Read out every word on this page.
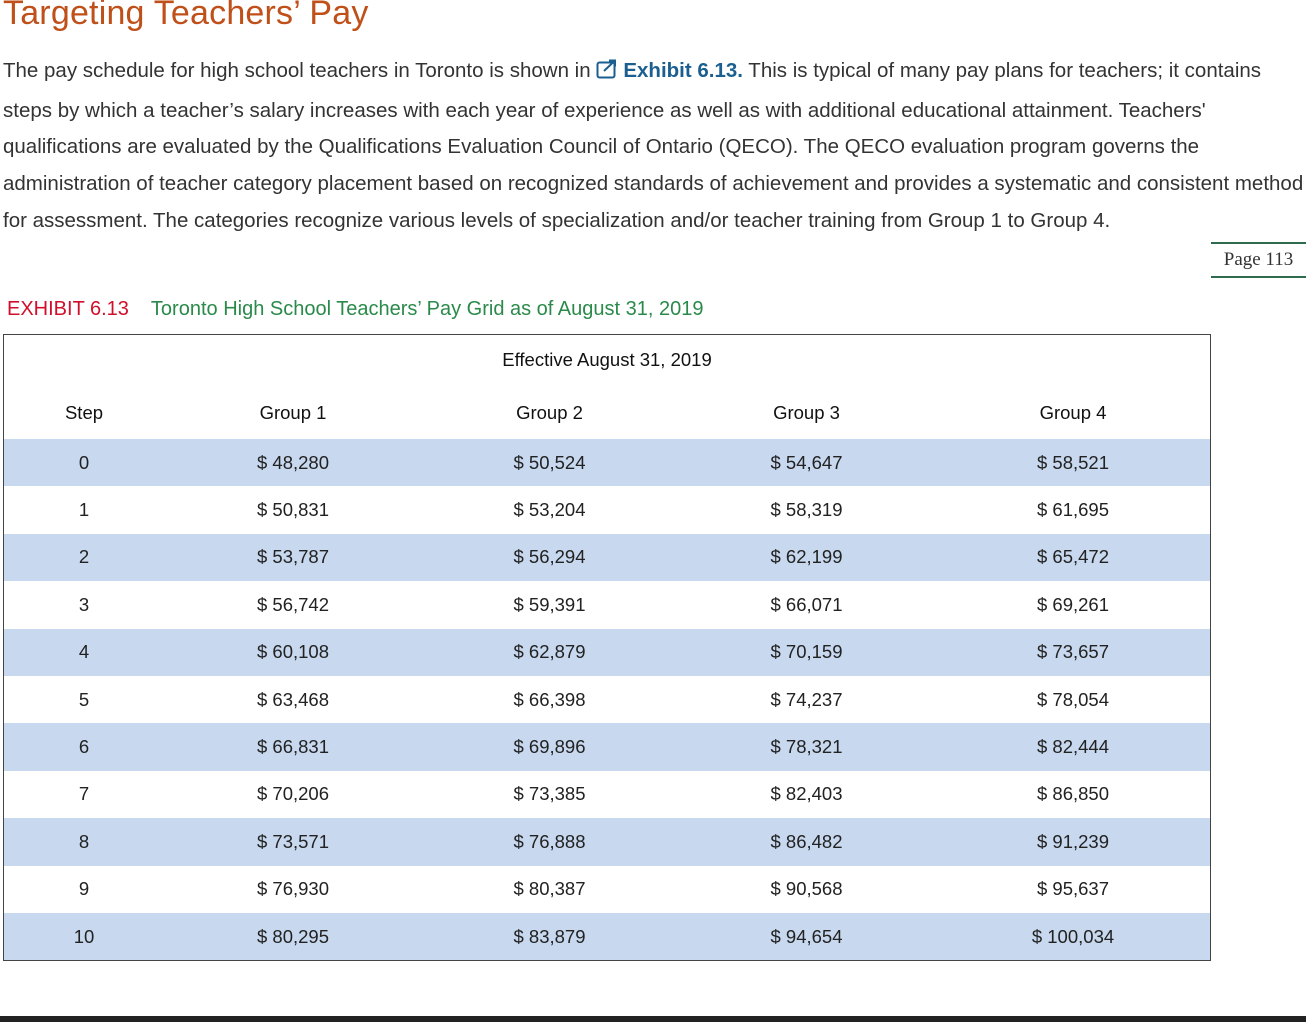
Targeting Teachers’ Pay

The pay schedule for high school teachers in Toronto is shown in Exhibit 6.13. This is typical of many pay plans for teachers; it contains steps by which a teacher’s salary increases with each year of experience as well as with additional educational attainment. Teachers' qualifications are evaluated by the Qualifications Evaluation Council of Ontario (QECO). The QECO evaluation program governs the administration of teacher category placement based on recognized standards of achievement and provides a systematic and consistent method for assessment. The categories recognize various levels of specialization and/or teacher training from Group 1 to Group 4.

Page 113
EXHIBIT 6.13 Toronto High School Teachers’ Pay Grid as of August 31, 2019
Effective August 31, 2019
Step	Group 1	Group 2	Group 3	Group 4
0	$ 48,280	$ 50,524	$ 54,647	$ 58,521
1	$ 50,831	$ 53,204	$ 58,319	$ 61,695
2	$ 53,787	$ 56,294	$ 62,199	$ 65,472
3	$ 56,742	$ 59,391	$ 66,071	$ 69,261
4	$ 60,108	$ 62,879	$ 70,159	$ 73,657
5	$ 63,468	$ 66,398	$ 74,237	$ 78,054
6	$ 66,831	$ 69,896	$ 78,321	$ 82,444
7	$ 70,206	$ 73,385	$ 82,403	$ 86,850
8	$ 73,571	$ 76,888	$ 86,482	$ 91,239
9	$ 76,930	$ 80,387	$ 90,568	$ 95,637
10	$ 80,295	$ 83,879	$ 94,654	$ 100,034
